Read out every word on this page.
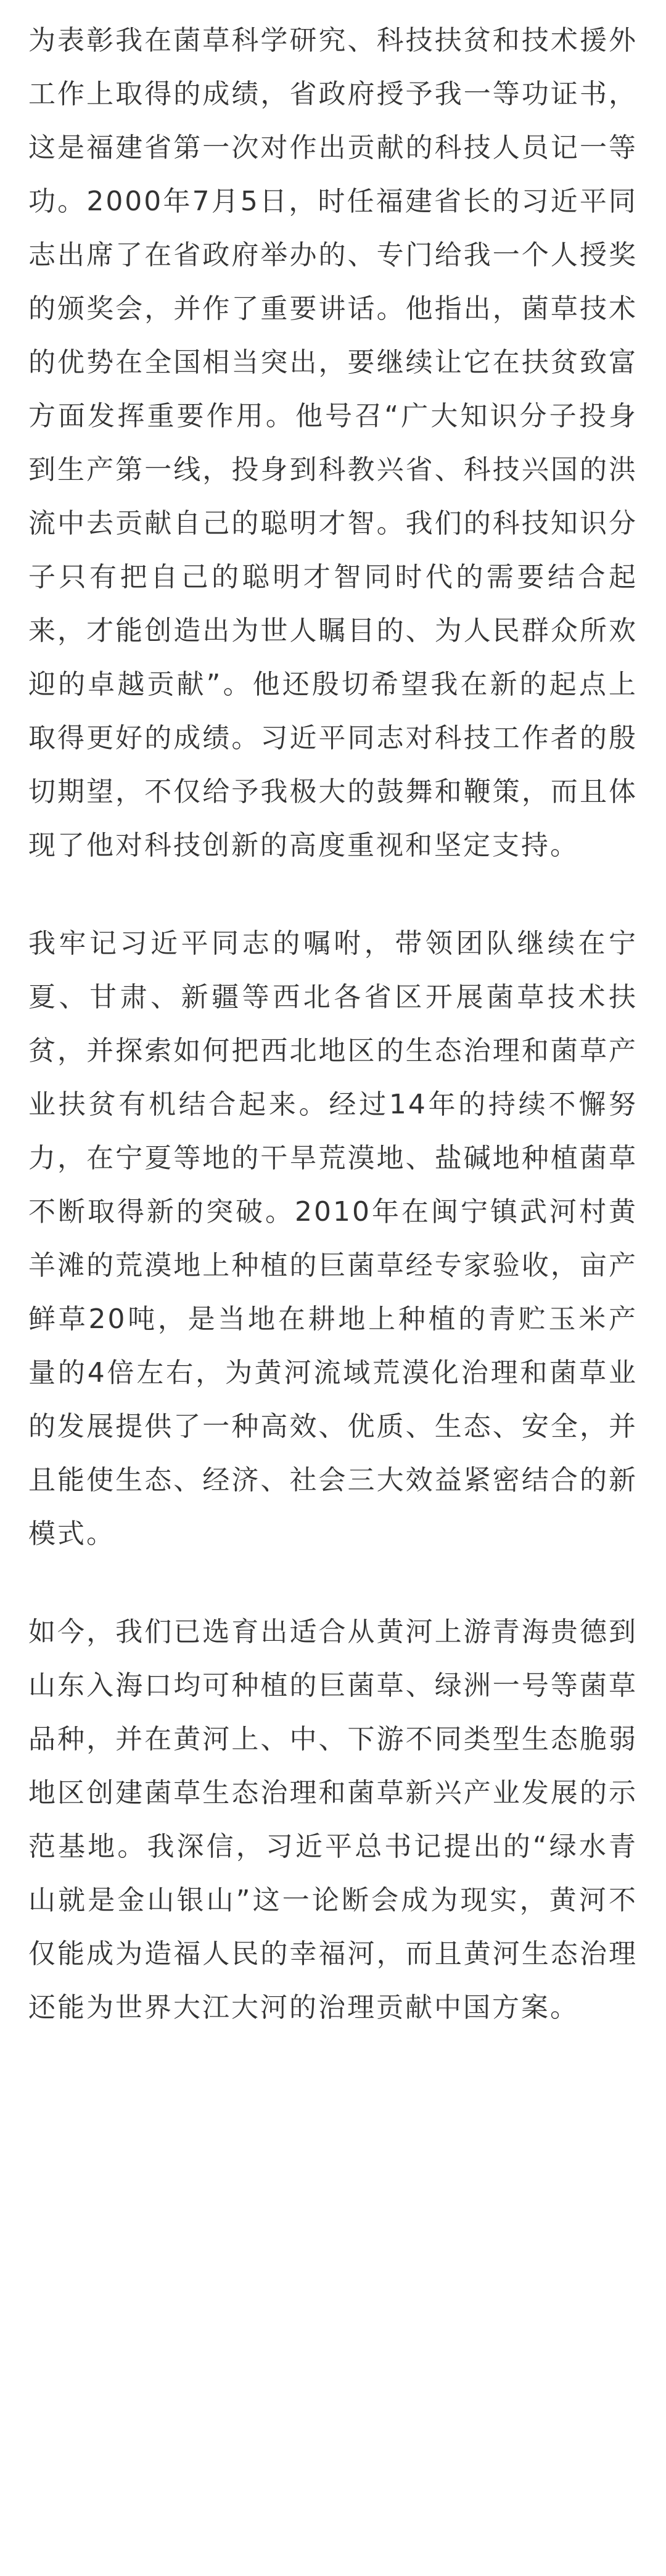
为表彰我在菌草科学研究、科技扶贫和技术援外工作上取得的成绩，省政府授予我一等功证书，这是福建省第一次对作出贡献的科技人员记一等功。2000年7月5日，时任福建省长的习近平同志出席了在省政府举办的、专门给我一个人授奖的颁奖会，并作了重要讲话。他指出，菌草技术的优势在全国相当突出，要继续让它在扶贫致富方面发挥重要作用。他号召“广大知识分子投身到生产第一线，投身到科教兴省、科技兴国的洪流中去贡献自己的聪明才智。我们的科技知识分子只有把自己的聪明才智同时代的需要结合起来，才能创造出为世人瞩目的、为人民群众所欢迎的卓越贡献”。他还殷切希望我在新的起点上取得更好的成绩。习近平同志对科技工作者的殷切期望，不仅给予我极大的鼓舞和鞭策，而且体现了他对科技创新的高度重视和坚定支持。

我牢记习近平同志的嘱咐，带领团队继续在宁夏、甘肃、新疆等西北各省区开展菌草技术扶贫，并探索如何把西北地区的生态治理和菌草产业扶贫有机结合起来。经过14年的持续不懈努力，在宁夏等地的干旱荒漠地、盐碱地种植菌草不断取得新的突破。2010年在闽宁镇武河村黄羊滩的荒漠地上种植的巨菌草经专家验收，亩产鲜草20吨，是当地在耕地上种植的青贮玉米产量的4倍左右，为黄河流域荒漠化治理和菌草业的发展提供了一种高效、优质、生态、安全，并且能使生态、经济、社会三大效益紧密结合的新模式。

如今，我们已选育出适合从黄河上游青海贵德到山东入海口均可种植的巨菌草、绿洲一号等菌草品种，并在黄河上、中、下游不同类型生态脆弱地区创建菌草生态治理和菌草新兴产业发展的示范基地。我深信，习近平总书记提出的“绿水青山就是金山银山”这一论断会成为现实，黄河不仅能成为造福人民的幸福河，而且黄河生态治理还能为世界大江大河的治理贡献中国方案。
